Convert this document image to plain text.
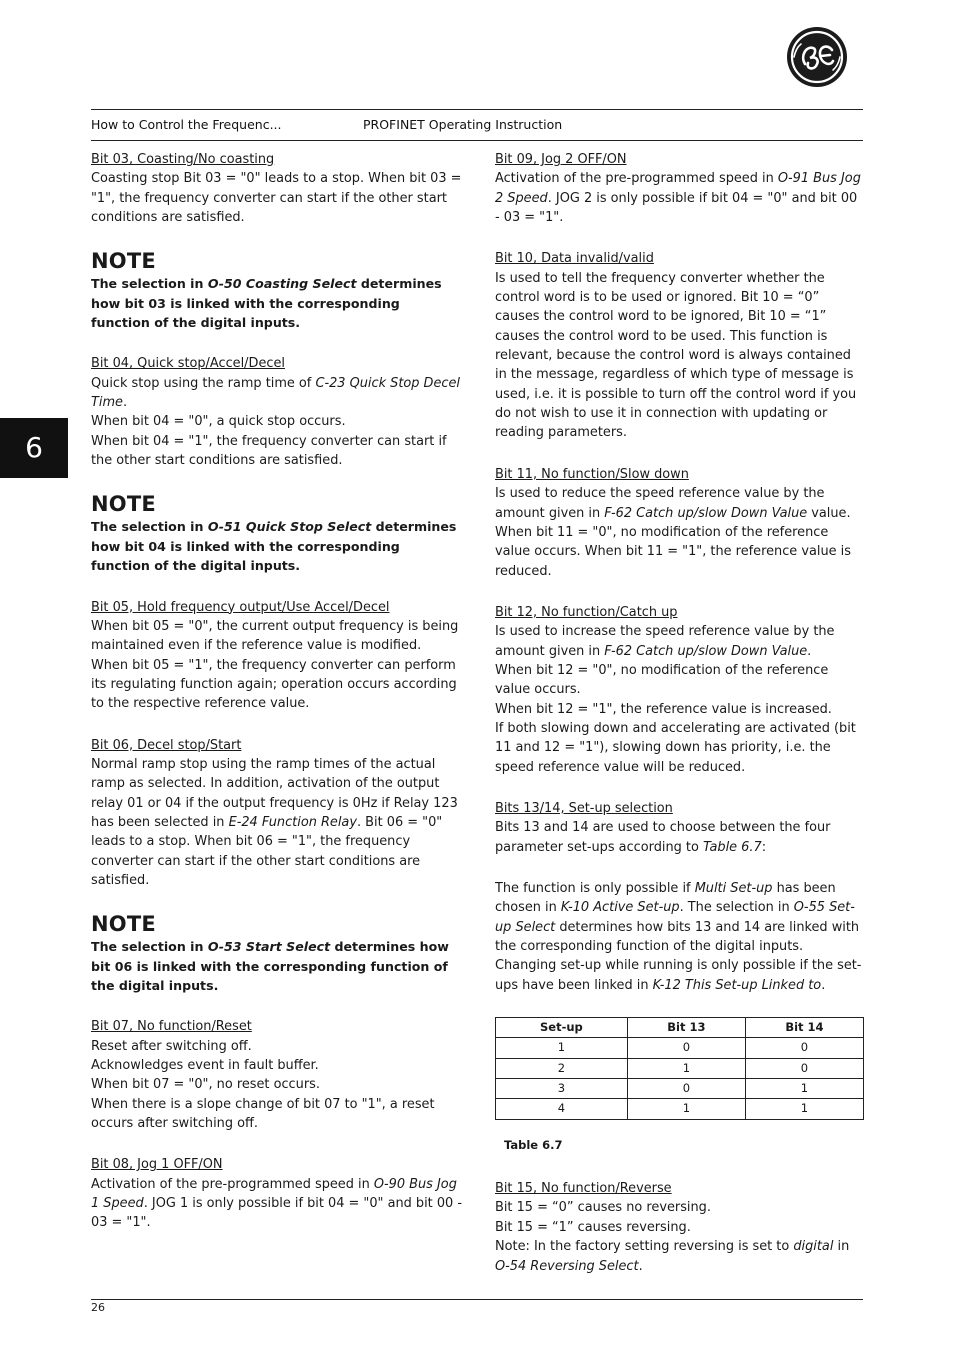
How to Control the Frequenc...	PROFINET Operating Instruction
6
Bit 03, Coasting/No coasting
Coasting stop Bit 03 = "0" leads to a stop. When bit 03 = "1", the frequency converter can start if the other start conditions are satisfied.
NOTE
The selection in O-50 Coasting Select determines how bit 03 is linked with the corresponding function of the digital inputs.
Bit 04, Quick stop/Accel/Decel
Quick stop using the ramp time of C-23 Quick Stop Decel Time.
When bit 04 = "0", a quick stop occurs.
When bit 04 = "1", the frequency converter can start if the other start conditions are satisfied.
NOTE
The selection in O-51 Quick Stop Select determines how bit 04 is linked with the corresponding function of the digital inputs.
Bit 05, Hold frequency output/Use Accel/Decel
When bit 05 = "0", the current output frequency is being maintained even if the reference value is modified.
When bit 05 = "1", the frequency converter can perform its regulating function again; operation occurs according to the respective reference value.
Bit 06, Decel stop/Start
Normal ramp stop using the ramp times of the actual ramp as selected. In addition, activation of the output relay 01 or 04 if the output frequency is 0Hz if Relay 123 has been selected in E-24 Function Relay. Bit 06 = "0" leads to a stop. When bit 06 = "1", the frequency converter can start if the other start conditions are satisfied.
NOTE
The selection in O-53 Start Select determines how bit 06 is linked with the corresponding function of the digital inputs.
Bit 07, No function/Reset
Reset after switching off.
Acknowledges event in fault buffer.
When bit 07 = "0", no reset occurs.
When there is a slope change of bit 07 to "1", a reset occurs after switching off.
Bit 08, Jog 1 OFF/ON
Activation of the pre-programmed speed in O-90 Bus Jog 1 Speed. JOG 1 is only possible if bit 04 = "0" and bit 00 - 03 = "1".
Bit 09, Jog 2 OFF/ON
Activation of the pre-programmed speed in O-91 Bus Jog 2 Speed. JOG 2 is only possible if bit 04 = "0" and bit 00 - 03 = "1".
Bit 10, Data invalid/valid
Is used to tell the frequency converter whether the control word is to be used or ignored. Bit 10 = “0” causes the control word to be ignored, Bit 10 = “1” causes the control word to be used. This function is relevant, because the control word is always contained in the message, regardless of which type of message is used, i.e. it is possible to turn off the control word if you do not wish to use it in connection with updating or reading parameters.
Bit 11, No function/Slow down
Is used to reduce the speed reference value by the amount given in F-62 Catch up/slow Down Value value. When bit 11 = "0", no modification of the reference value occurs. When bit 11 = "1", the reference value is reduced.
Bit 12, No function/Catch up
Is used to increase the speed reference value by the amount given in F-62 Catch up/slow Down Value.
When bit 12 = "0", no modification of the reference value occurs.
When bit 12 = "1", the reference value is increased.
If both slowing down and accelerating are activated (bit 11 and 12 = "1"), slowing down has priority, i.e. the speed reference value will be reduced.
Bits 13/14, Set-up selection
Bits 13 and 14 are used to choose between the four parameter set-ups according to Table 6.7:
The function is only possible if Multi Set-up has been chosen in K-10 Active Set-up. The selection in O-55 Set-up Select determines how bits 13 and 14 are linked with the corresponding function of the digital inputs. Changing set-up while running is only possible if the set-ups have been linked in K-12 This Set-up Linked to.
Set-up	Bit 13	Bit 14
1	0	0
2	1	0
3	0	1
4	1	1
Table 6.7
Bit 15, No function/Reverse
Bit 15 = “0” causes no reversing.
Bit 15 = “1” causes reversing.
Note: In the factory setting reversing is set to digital in O-54 Reversing Select.
26
